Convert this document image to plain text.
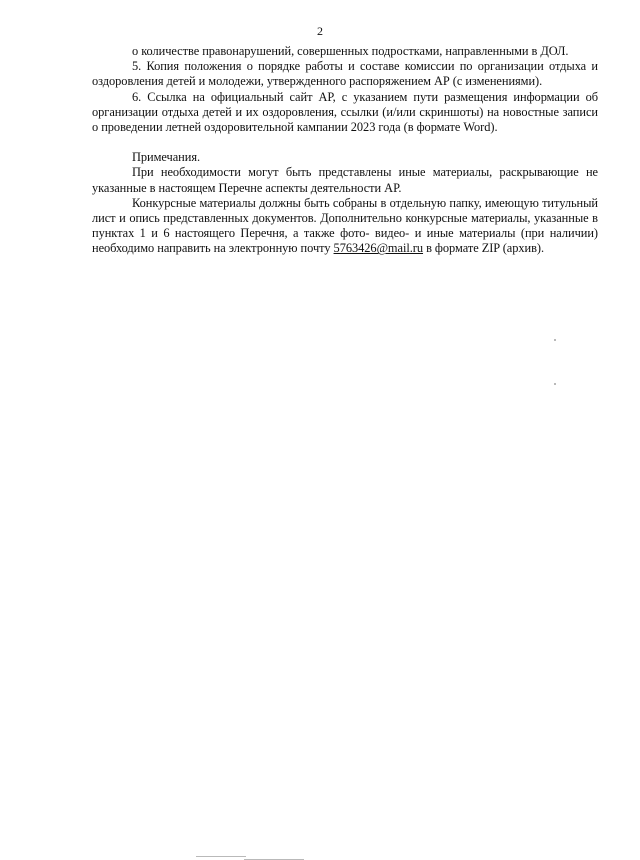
2

о количестве правонарушений, совершенных подростками, направленными в ДОЛ.

5. Копия положения о порядке работы и составе комиссии по организации отдыха и оздоровления детей и молодежи, утвержденного распоряжением АР (с изменениями).

6. Ссылка на официальный сайт АР, с указанием пути размещения информации об организации отдыха детей и их оздоровления, ссылки (и/или скриншоты) на новостные записи о проведении летней оздоровительной кампании 2023 года (в формате Word).

Примечания.

При необходимости могут быть представлены иные материалы, раскрывающие не указанные в настоящем Перечне аспекты деятельности АР.

Конкурсные материалы должны быть собраны в отдельную папку, имеющую титульный лист и опись представленных документов. Дополнительно конкурсные материалы, указанные в пунктах 1 и 6 настоящего Перечня, а также фото- видео- и иные материалы (при наличии) необходимо направить на электронную почту 5763426@mail.ru в формате ZIP (архив).
